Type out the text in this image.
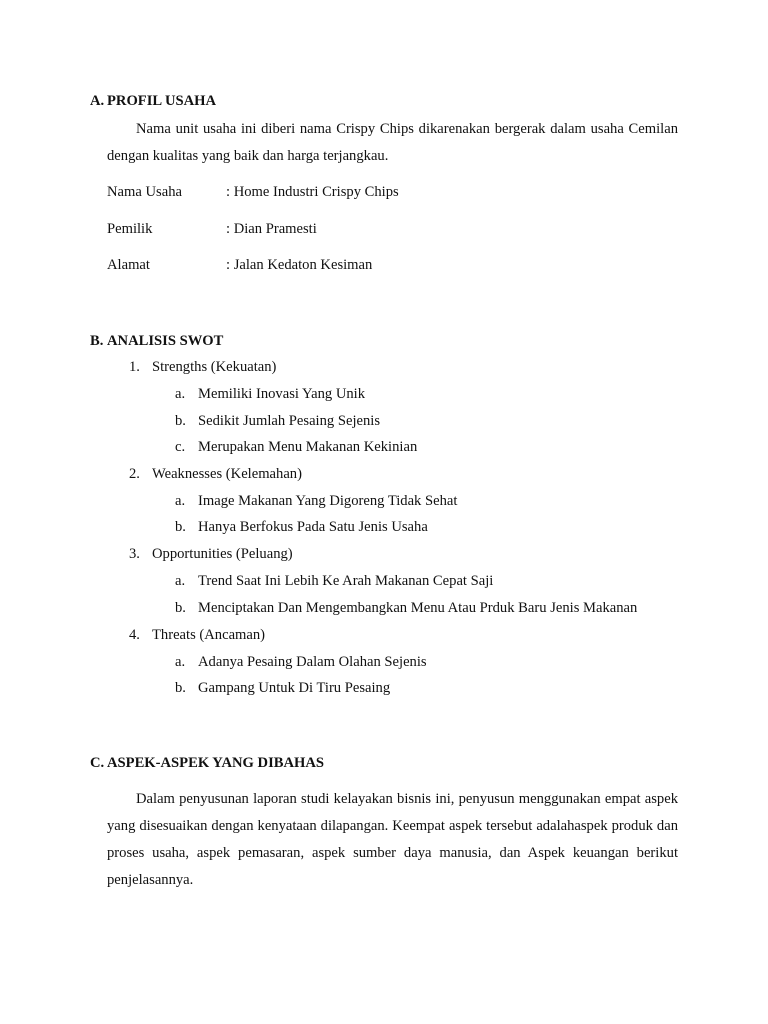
A. PROFIL USAHA

Nama unit usaha ini diberi nama Crispy Chips dikarenakan bergerak dalam usaha Cemilan dengan kualitas yang baik dan harga terjangkau.

Nama Usaha	: Home Industri Crispy Chips
Pemilik	: Dian Pramesti
Alamat	: Jalan Kedaton Kesiman
B. ANALISIS SWOT
1. Strengths (Kekuatan)
a. Memiliki Inovasi Yang Unik
b. Sedikit Jumlah Pesaing Sejenis
c. Merupakan Menu Makanan Kekinian
2. Weaknesses (Kelemahan)
a. Image Makanan Yang Digoreng Tidak Sehat
b. Hanya Berfokus Pada Satu Jenis Usaha
3. Opportunities (Peluang)
a. Trend Saat Ini Lebih Ke Arah Makanan Cepat Saji
b. Menciptakan Dan Mengembangkan Menu Atau Prduk Baru Jenis Makanan
4. Threats (Ancaman)
a. Adanya Pesaing Dalam Olahan Sejenis
b. Gampang Untuk Di Tiru Pesaing
C. ASPEK-ASPEK YANG DIBAHAS

Dalam penyusunan laporan studi kelayakan bisnis ini, penyusun menggunakan empat aspek yang disesuaikan dengan kenyataan dilapangan. Keempat aspek tersebut adalahaspek produk dan proses usaha, aspek pemasaran, aspek sumber daya manusia, dan Aspek keuangan berikut penjelasannya.
